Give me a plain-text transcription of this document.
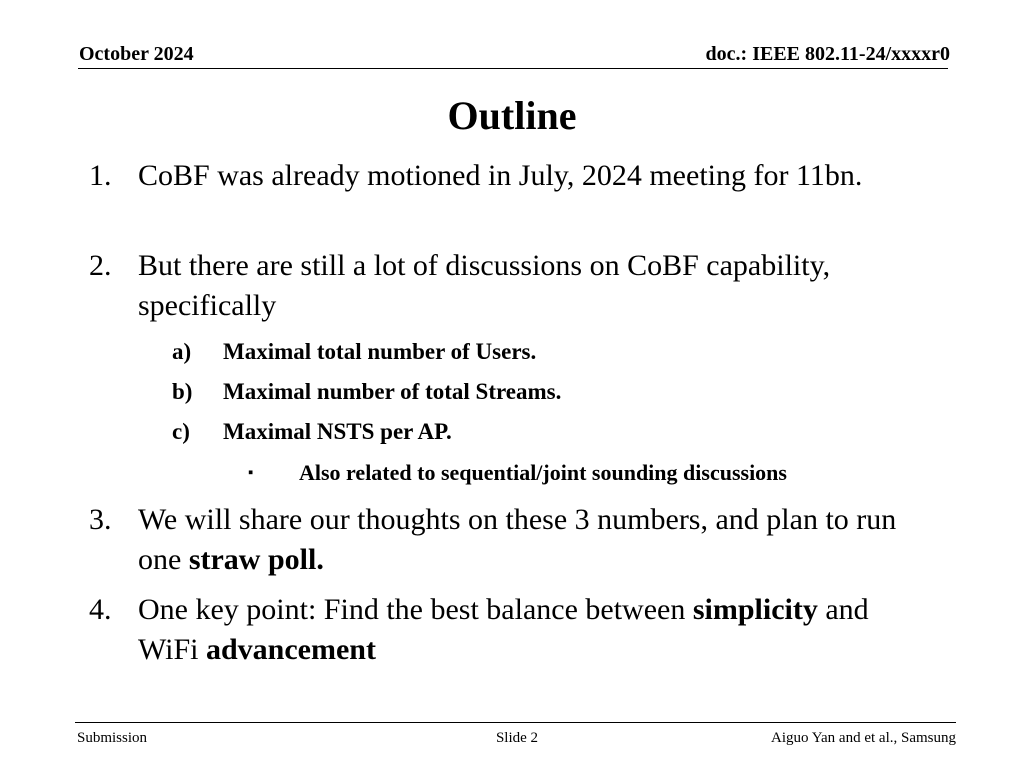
October 2024	doc.: IEEE 802.11-24/xxxxr0
Outline
1. CoBF was already motioned in July, 2024 meeting for 11bn.
2. But there are still a lot of discussions on CoBF capability, specifically
a) Maximal total number of Users.
b) Maximal number of total Streams.
c) Maximal NSTS per AP.
▪ Also related to sequential/joint sounding discussions
3. We will share our thoughts on these 3 numbers, and plan to run one straw poll.
4. One key point: Find the best balance between simplicity and WiFi advancement
Submission	Slide 2	Aiguo Yan and et al., Samsung
